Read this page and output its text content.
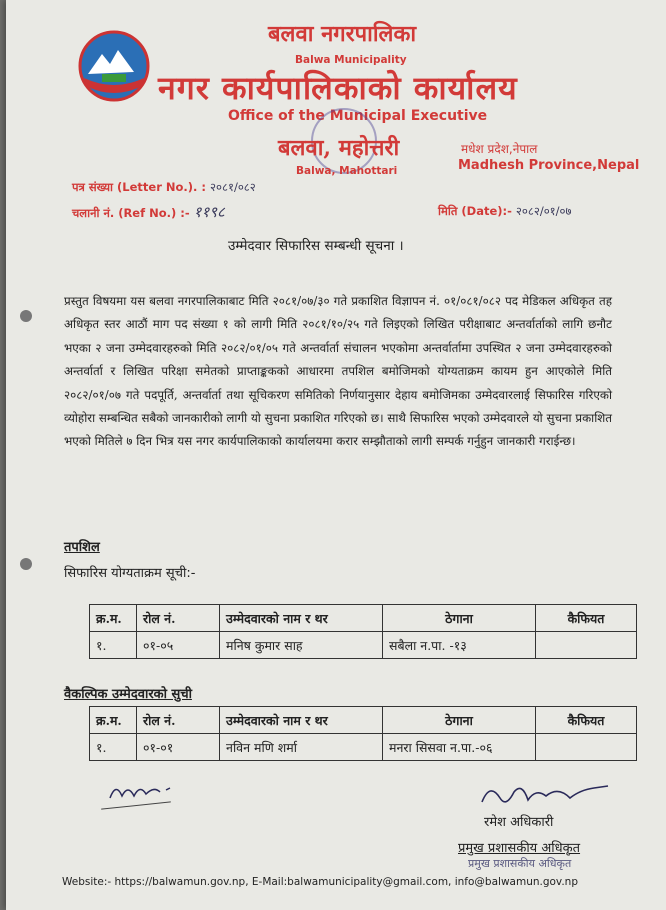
बलवा नगरपालिका
Balwa Municipality
नगर कार्यपालिकाको कार्यालय
Office of the Municipal Executive
बलवा, महोत्तरी
Balwa, Mahottari
मधेश प्रदेश,नेपाल
Madhesh Province,Nepal
पत्र संख्या (Letter No.). : २०८१/०८२
चलानी नं. (Ref No.) :- ११९८	मिति (Date):- २०८२/०१/०७
उम्मेदवार सिफारिस सम्बन्धी सूचना ।
प्रस्तुत विषयमा यस बलवा नगरपालिकाबाट मिति २०८१/०७/३० गते प्रकाशित विज्ञापन नं. ०१/०८१/०८२ पद मेडिकल अधिकृत तह अधिकृत स्तर आठौं माग पद संख्या १ को लागी मिति २०८१/१०/२५ गते लिइएको लिखित परीक्षाबाट अन्तर्वार्ताको लागि छनौट भएका २ जना उम्मेदवारहरुको मिति २०८२/०१/०५ गते अन्तर्वार्ता संचालन भएकोमा अन्तर्वार्तामा उपस्थित २ जना उम्मेदवारहरुको अन्तर्वार्ता र लिखित परिक्षा समेतको प्राप्ताङ्ककको आधारमा तपशिल बमोजिमको योग्यताक्रम कायम हुन आएकोले मिति २०८२/०१/०७ गते पदपूर्ति, अन्तर्वार्ता तथा सूचिकरण समितिको निर्णयानुसार देहाय बमोजिमका उम्मेदवारलाई सिफारिस गरिएको व्योहोरा सम्बन्धित सबैको जानकारीको लागी यो सुचना प्रकाशित गरिएको छ। साथै सिफारिस भएको उम्मेदवारले यो सुचना प्रकाशित भएको मितिले ७ दिन भित्र यस नगर कार्यपालिकाको कार्यालयमा करार सम्झौताको लागी सम्पर्क गर्नुहुन जानकारी गराईन्छ।
तपशिल
सिफारिस योग्यताक्रम सूची:-
क्र.म.	रोल नं.	उम्मेदवारको नाम र थर	ठेगाना	कैफियत
१.	०१-०५	मनिष कुमार साह	सबैला न.पा. -१३	
वैकल्पिक उम्मेदवारको सुची
क्र.म.	रोल नं.	उम्मेदवारको नाम र थर	ठेगाना	कैफियत
१.	०१-०१	नविन मणि शर्मा	मनरा सिसवा न.पा.-०६	
रमेश अधिकारी
प्रमुख प्रशासकीय अधिकृत
प्रमुख प्रशासकीय अधिकृत
Website:- https://balwamun.gov.np, E-Mail:balwamunicipality@gmail.com, info@balwamun.gov.np
